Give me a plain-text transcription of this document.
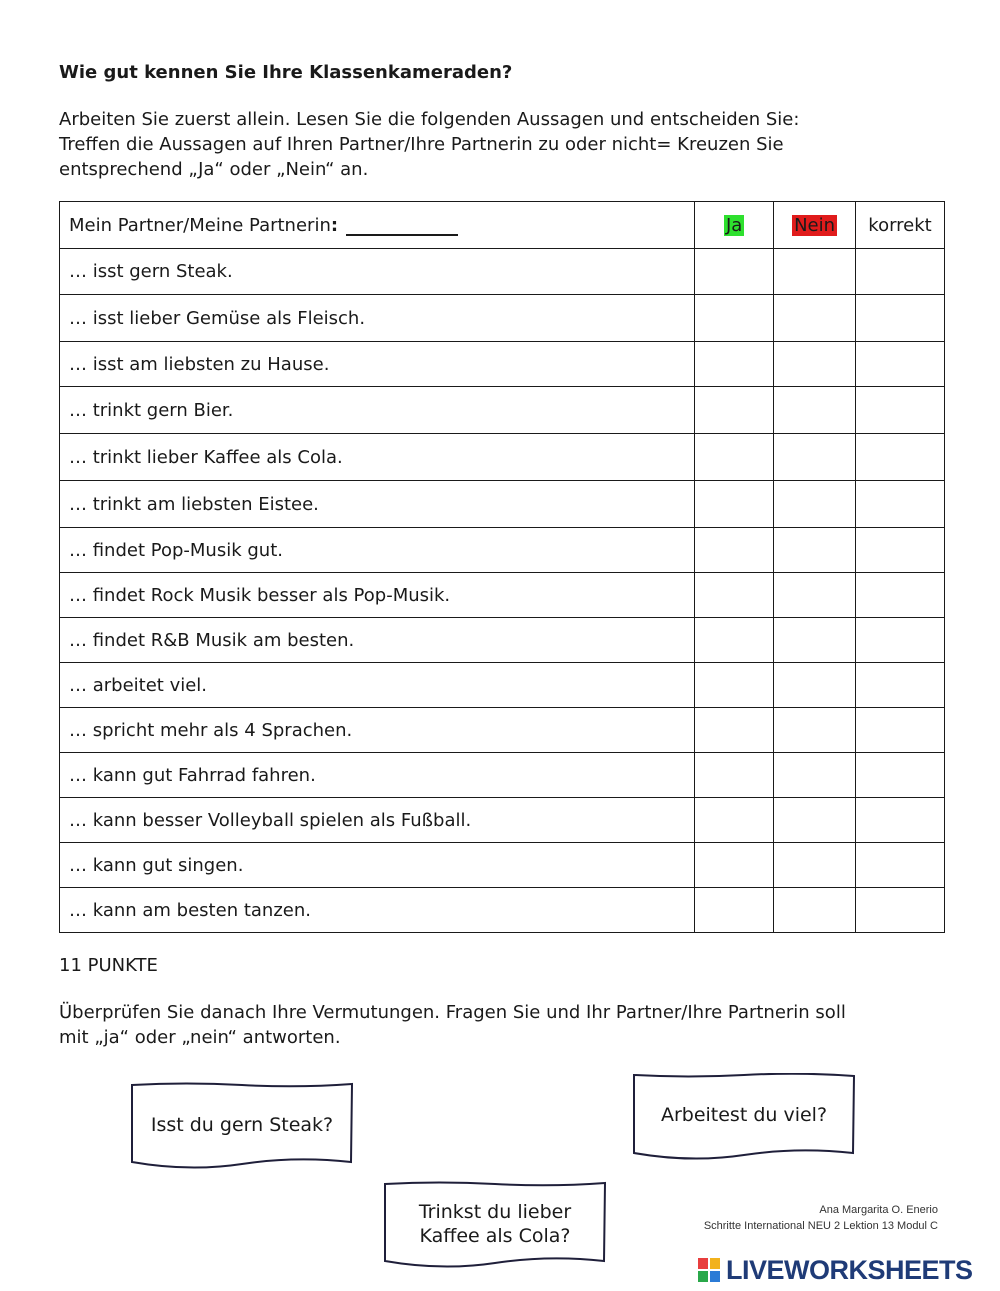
Wie gut kennen Sie Ihre Klassenkameraden?
Arbeiten Sie zuerst allein. Lesen Sie die folgenden Aussagen und entscheiden Sie:
Treffen die Aussagen auf Ihren Partner/Ihre Partnerin zu oder nicht= Kreuzen Sie
entsprechend „Ja“ oder „Nein“ an.
Mein Partner/Meine Partnerin:	Ja	Nein	korrekt
… isst gern Steak.			
… isst lieber Gemüse als Fleisch.			
… isst am liebsten zu Hause.			
… trinkt gern Bier.			
… trinkt lieber Kaffee als Cola.			
… trinkt am liebsten Eistee.			
… findet Pop-Musik gut.			
… findet Rock Musik besser als Pop-Musik.			
… findet R&B Musik am besten.			
… arbeitet viel.			
… spricht mehr als 4 Sprachen.			
… kann gut Fahrrad fahren.			
… kann besser Volleyball spielen als Fußball.			
… kann gut singen.			
… kann am besten tanzen.			
11 PUNKTE
Überprüfen Sie danach Ihre Vermutungen. Fragen Sie und Ihr Partner/Ihre Partnerin soll
mit „ja“ oder „nein“ antworten.
Isst du gern Steak?	Arbeitest du viel?
Trinkst du lieber
Kaffee als Cola?
Ana Margarita O. Enerio
Schritte International NEU 2 Lektion 13 Modul C
LIVEWORKSHEETS
